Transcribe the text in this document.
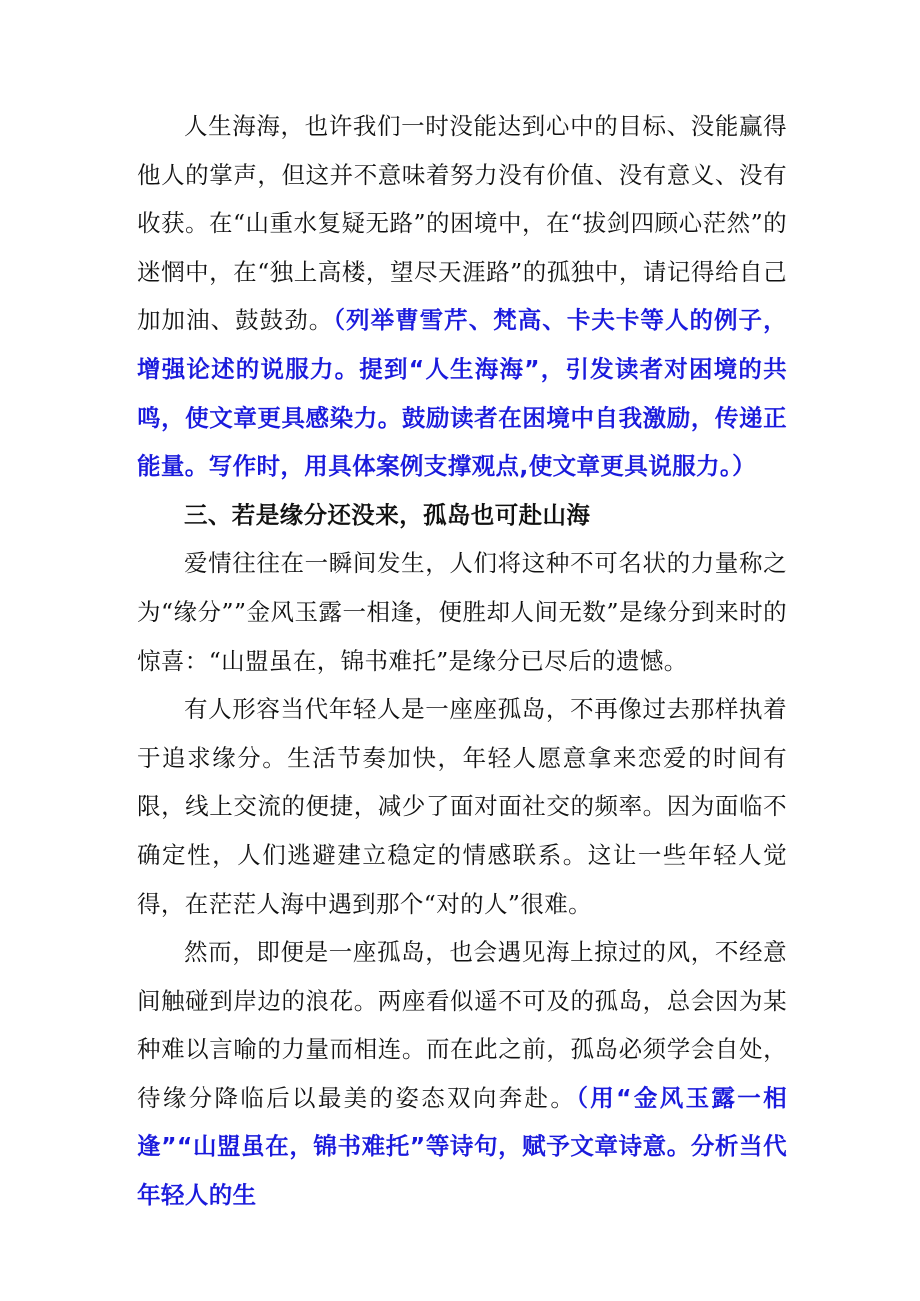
人生海海，也许我们一时没能达到心中的目标、没能赢得他人的掌声，但这并不意味着努力没有价值、没有意义、没有收获。在“山重水复疑无路”的困境中，在“拔剑四顾心茫然”的迷惘中，在“独上高楼，望尽天涯路”的孤独中，请记得给自己加加油、鼓鼓劲。（列举曹雪芹、梵高、卡夫卡等人的例子，增强论述的说服力。提到“人生海海”，引发读者对困境的共鸣，使文章更具感染力。鼓励读者在困境中自我激励，传递正能量。写作时，用具体案例支撑观点,使文章更具说服力。）

三、若是缘分还没来，孤岛也可赴山海

爱情往往在一瞬间发生，人们将这种不可名状的力量称之为“缘分””金风玉露一相逢，便胜却人间无数”是缘分到来时的惊喜：“山盟虽在，锦书难托”是缘分已尽后的遗憾。

有人形容当代年轻人是一座座孤岛，不再像过去那样执着于追求缘分。生活节奏加快，年轻人愿意拿来恋爱的时间有限，线上交流的便捷，减少了面对面社交的频率。因为面临不确定性，人们逃避建立稳定的情感联系。这让一些年轻人觉得，在茫茫人海中遇到那个“对的人”很难。

然而，即便是一座孤岛，也会遇见海上掠过的风，不经意间触碰到岸边的浪花。两座看似遥不可及的孤岛，总会因为某种难以言喻的力量而相连。而在此之前，孤岛必须学会自处，待缘分降临后以最美的姿态双向奔赴。（用“金风玉露一相逢”“山盟虽在，锦书难托”等诗句，赋予文章诗意。分析当代年轻人的生
